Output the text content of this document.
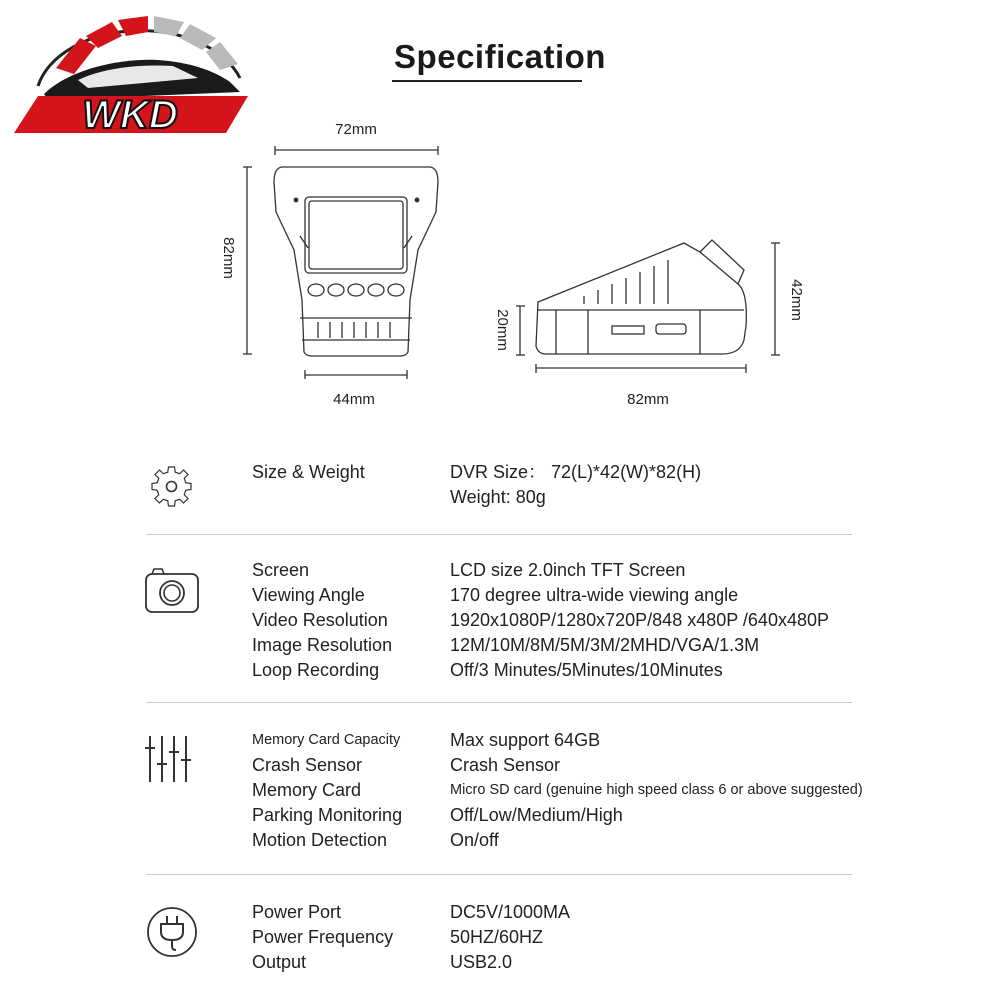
WKD
Specification
72mm
82mm
44mm
20mm
42mm
82mm
Size & Weight	DVR Size： 72(L)*42(W)*82(H)
Weight: 80g
Screen
Viewing Angle
Video Resolution
Image Resolution
Loop Recording
LCD size 2.0inch TFT Screen
170 degree ultra-wide viewing angle
1920x1080P/1280x720P/848 x480P /640x480P
12M/10M/8M/5M/3M/2MHD/VGA/1.3M
Off/3 Minutes/5Minutes/10Minutes
Memory Card Capacity
Crash Sensor
Memory Card
Parking Monitoring
Motion Detection
Max support 64GB
Crash Sensor
Micro SD card (genuine high speed class 6 or above suggested)
Off/Low/Medium/High
On/off
Power Port
Power Frequency
Output
DC5V/1000MA
50HZ/60HZ
USB2.0
